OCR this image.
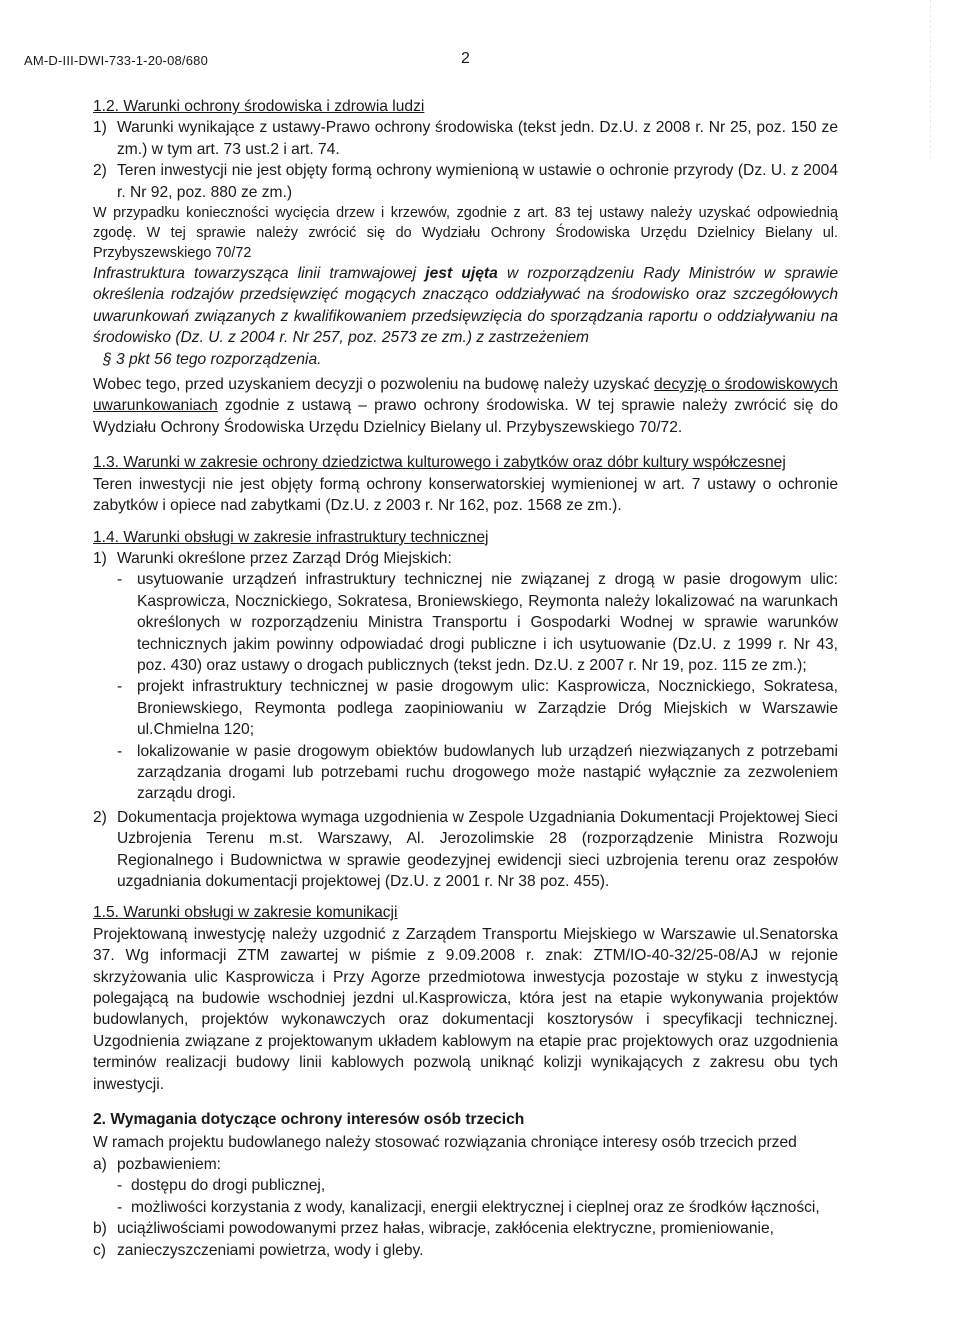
AM-D-III-DWI-733-1-20-08/680	2

1.2. Warunki ochrony środowiska i zdrowia ludzi

1) Warunki wynikające z ustawy-Prawo ochrony środowiska (tekst jedn. Dz.U. z 2008 r. Nr 25, poz. 150 ze zm.) w tym art. 73 ust.2 i art. 74.
2) Teren inwestycji nie jest objęty formą ochrony wymienioną w ustawie o ochronie przyrody (Dz. U. z 2004 r. Nr 92, poz. 880 ze zm.)

W przypadku konieczności wycięcia drzew i krzewów, zgodnie z art. 83 tej ustawy należy uzyskać odpowiednią zgodę. W tej sprawie należy zwrócić się do Wydziału Ochrony Środowiska Urzędu Dzielnicy Bielany ul. Przybyszewskiego 70/72

Infrastruktura towarzysząca linii tramwajowej jest ujęta w rozporządzeniu Rady Ministrów w sprawie określenia rodzajów przedsięwzięć mogących znacząco oddziaływać na środowisko oraz szczegółowych uwarunkowań związanych z kwalifikowaniem przedsięwzięcia do sporządzania raportu o oddziaływaniu na środowisko (Dz. U. z 2004 r. Nr 257, poz. 2573 ze zm.) z zastrzeżeniem

§ 3 pkt 56 tego rozporządzenia.

Wobec tego, przed uzyskaniem decyzji o pozwoleniu na budowę należy uzyskać decyzję o środowiskowych uwarunkowaniach zgodnie z ustawą – prawo ochrony środowiska. W tej sprawie należy zwrócić się do Wydziału Ochrony Środowiska Urzędu Dzielnicy Bielany ul. Przybyszewskiego 70/72.

1.3. Warunki w zakresie ochrony dziedzictwa kulturowego i zabytków oraz dóbr kultury współczesnej

Teren inwestycji nie jest objęty formą ochrony konserwatorskiej wymienionej w art. 7 ustawy o ochronie zabytków i opiece nad zabytkami (Dz.U. z 2003 r. Nr 162, poz. 1568 ze zm.).

1.4. Warunki obsługi w zakresie infrastruktury technicznej

1) Warunki określone przez Zarząd Dróg Miejskich:
- usytuowanie urządzeń infrastruktury technicznej nie związanej z drogą w pasie drogowym ulic: Kasprowicza, Nocznickiego, Sokratesa, Broniewskiego, Reymonta należy lokalizować na warunkach określonych w rozporządzeniu Ministra Transportu i Gospodarki Wodnej w sprawie warunków technicznych jakim powinny odpowiadać drogi publiczne i ich usytuowanie (Dz.U. z 1999 r. Nr 43, poz. 430) oraz ustawy o drogach publicznych (tekst jedn. Dz.U. z 2007 r. Nr 19, poz. 115 ze zm.);
- projekt infrastruktury technicznej w pasie drogowym ulic: Kasprowicza, Nocznickiego, Sokratesa, Broniewskiego, Reymonta podlega zaopiniowaniu w Zarządzie Dróg Miejskich w Warszawie ul.Chmielna 120;
- lokalizowanie w pasie drogowym obiektów budowlanych lub urządzeń niezwiązanych z potrzebami zarządzania drogami lub potrzebami ruchu drogowego może nastąpić wyłącznie za zezwoleniem zarządu drogi.
2) Dokumentacja projektowa wymaga uzgodnienia w Zespole Uzgadniania Dokumentacji Projektowej Sieci Uzbrojenia Terenu m.st. Warszawy, Al. Jerozolimskie 28 (rozporządzenie Ministra Rozwoju Regionalnego i Budownictwa w sprawie geodezyjnej ewidencji sieci uzbrojenia terenu oraz zespołów uzgadniania dokumentacji projektowej (Dz.U. z 2001 r. Nr 38 poz. 455).

1.5. Warunki obsługi w zakresie komunikacji

Projektowaną inwestycję należy uzgodnić z Zarządem Transportu Miejskiego w Warszawie ul.Senatorska 37. Wg informacji ZTM zawartej w piśmie z 9.09.2008 r. znak: ZTM/IO-40-32/25-08/AJ w rejonie skrzyżowania ulic Kasprowicza i Przy Agorze przedmiotowa inwestycja pozostaje w styku z inwestycją polegającą na budowie wschodniej jezdni ul.Kasprowicza, która jest na etapie wykonywania projektów budowlanych, projektów wykonawczych oraz dokumentacji kosztorysów i specyfikacji technicznej. Uzgodnienia związane z projektowanym układem kablowym na etapie prac projektowych oraz uzgodnienia terminów realizacji budowy linii kablowych pozwolą uniknąć kolizji wynikających z zakresu obu tych inwestycji.

2. Wymagania dotyczące ochrony interesów osób trzecich

W ramach projektu budowlanego należy stosować rozwiązania chroniące interesy osób trzecich przed

a) pozbawieniem:
- dostępu do drogi publicznej,
- możliwości korzystania z wody, kanalizacji, energii elektrycznej i cieplnej oraz ze środków łączności,
b) uciążliwościami powodowanymi przez hałas, wibracje, zakłócenia elektryczne, promieniowanie,
c) zanieczyszczeniami powietrza, wody i gleby.
